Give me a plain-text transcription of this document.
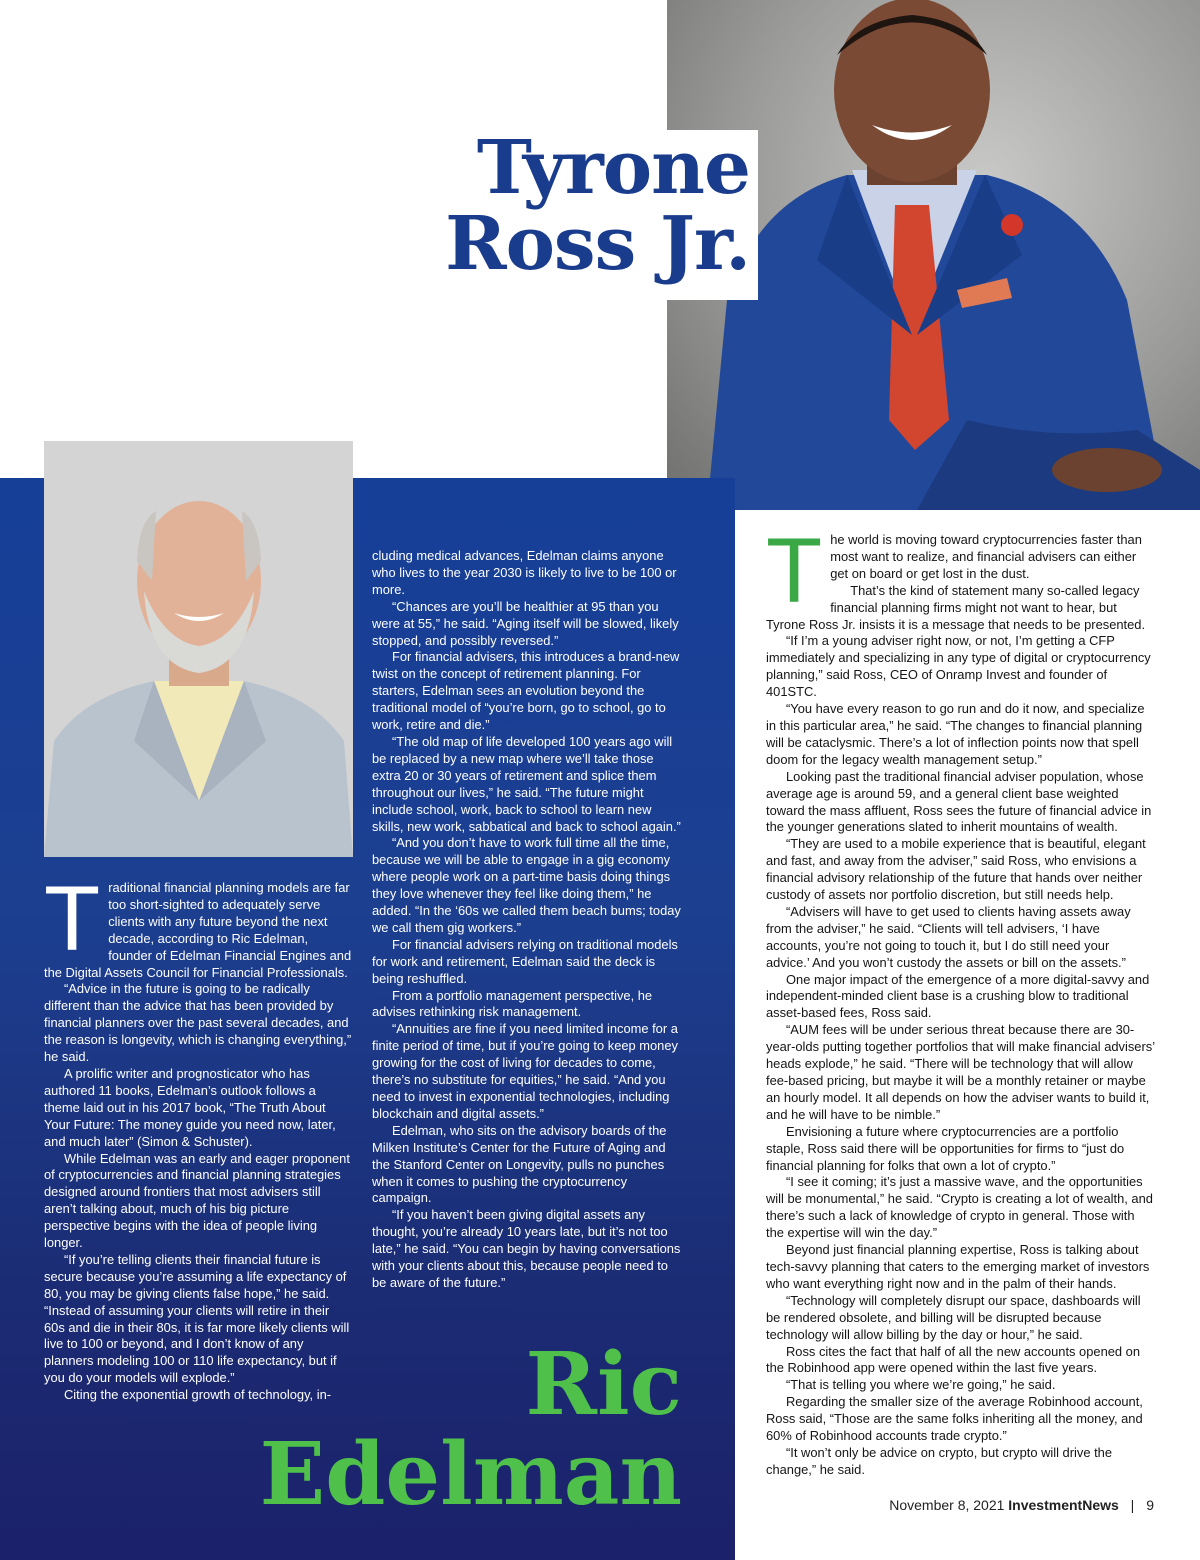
Tyrone
Ross Jr.
T raditional financial planning models are far too short-sighted to adequately serve clients with any future beyond the next decade, according to Ric Edelman, founder of Edelman Financial Engines and the Digital Assets Council for Financial Professionals.

“Advice in the future is going to be radically different than the advice that has been provided by financial planners over the past several decades, and the reason is longevity, which is changing everything,” he said.

A prolific writer and prognosticator who has authored 11 books, Edelman’s outlook follows a theme laid out in his 2017 book, “The Truth About Your Future: The money guide you need now, later, and much later” (Simon & Schuster).

While Edelman was an early and eager proponent of cryptocurrencies and financial planning strategies designed around frontiers that most advisers still aren’t talking about, much of his big picture perspective begins with the idea of people living longer.

“If you’re telling clients their financial future is secure because you’re assuming a life expectancy of 80, you may be giving clients false hope,” he said. “Instead of assuming your clients will retire in their 60s and die in their 80s, it is far more likely clients will live to 100 or beyond, and I don’t know of any planners modeling 100 or 110 life expectancy, but if you do your models will explode.”

Citing the exponential growth of technology, in-

cluding medical advances, Edelman claims anyone who lives to the year 2030 is likely to live to be 100 or more.

“Chances are you’ll be healthier at 95 than you were at 55,” he said. “Aging itself will be slowed, likely stopped, and possibly reversed.”

For financial advisers, this introduces a brand-new twist on the concept of retirement planning. For starters, Edelman sees an evolution beyond the traditional model of “you’re born, go to school, go to work, retire and die.”

“The old map of life developed 100 years ago will be replaced by a new map where we’ll take those extra 20 or 30 years of retirement and splice them throughout our lives,” he said. “The future might include school, work, back to school to learn new skills, new work, sabbatical and back to school again.”

“And you don’t have to work full time all the time, because we will be able to engage in a gig economy where people work on a part-time basis doing things they love whenever they feel like doing them,” he added. “In the ‘60s we called them beach bums; today we call them gig workers.”

For financial advisers relying on traditional models for work and retirement, Edelman said the deck is being reshuffled.

From a portfolio management perspective, he advises rethinking risk management.

“Annuities are fine if you need limited income for a finite period of time, but if you’re going to keep money growing for the cost of living for decades to come, there’s no substitute for equities,” he said. “And you need to invest in exponential technologies, including blockchain and digital assets.”

Edelman, who sits on the advisory boards of the Milken Institute’s Center for the Future of Aging and the Stanford Center on Longevity, pulls no punches when it comes to pushing the cryptocurrency campaign.

“If you haven’t been giving digital assets any thought, you’re already 10 years late, but it’s not too late,” he said. “You can begin by having conversations with your clients about this, because people need to be aware of the future.”

Ric
Edelman
T he world is moving toward cryptocurrencies faster than most want to realize, and financial advisers can either get on board or get lost in the dust.

That’s the kind of statement many so-called legacy financial planning firms might not want to hear, but Tyrone Ross Jr. insists it is a message that needs to be presented.

“If I’m a young adviser right now, or not, I’m getting a CFP immediately and specializing in any type of digital or cryptocurrency planning,” said Ross, CEO of Onramp Invest and founder of 401STC.

“You have every reason to go run and do it now, and specialize in this particular area,” he said. “The changes to financial planning will be cataclysmic. There’s a lot of inflection points now that spell doom for the legacy wealth management setup.”

Looking past the traditional financial adviser population, whose average age is around 59, and a general client base weighted toward the mass affluent, Ross sees the future of financial advice in the younger generations slated to inherit mountains of wealth.

“They are used to a mobile experience that is beautiful, elegant and fast, and away from the adviser,” said Ross, who envisions a financial advisory relationship of the future that hands over neither custody of assets nor portfolio discretion, but still needs help.

“Advisers will have to get used to clients having assets away from the adviser,” he said. “Clients will tell advisers, ‘I have accounts, you’re not going to touch it, but I do still need your advice.’ And you won’t custody the assets or bill on the assets.”

One major impact of the emergence of a more digital-savvy and independent-minded client base is a crushing blow to traditional asset-based fees, Ross said.

“AUM fees will be under serious threat because there are 30-year-olds putting together portfolios that will make financial advisers’ heads explode,” he said. “There will be technology that will allow fee-based pricing, but maybe it will be a monthly retainer or maybe an hourly model. It all depends on how the adviser wants to build it, and he will have to be nimble.”

Envisioning a future where cryptocurrencies are a portfolio staple, Ross said there will be opportunities for firms to “just do financial planning for folks that own a lot of crypto.”

“I see it coming; it’s just a massive wave, and the opportunities will be monumental,” he said. “Crypto is creating a lot of wealth, and there’s such a lack of knowledge of crypto in general. Those with the expertise will win the day.”

Beyond just financial planning expertise, Ross is talking about tech-savvy planning that caters to the emerging market of investors who want everything right now and in the palm of their hands.

“Technology will completely disrupt our space, dashboards will be rendered obsolete, and billing will be disrupted because technology will allow billing by the day or hour,” he said.

Ross cites the fact that half of all the new accounts opened on the Robinhood app were opened within the last five years.

“That is telling you where we’re going,” he said.

Regarding the smaller size of the average Robinhood account, Ross said, “Those are the same folks inheriting all the money, and 60% of Robinhood accounts trade crypto.”

“It won’t only be advice on crypto, but crypto will drive the change,” he said.

November 8, 2021 InvestmentNews | 9
